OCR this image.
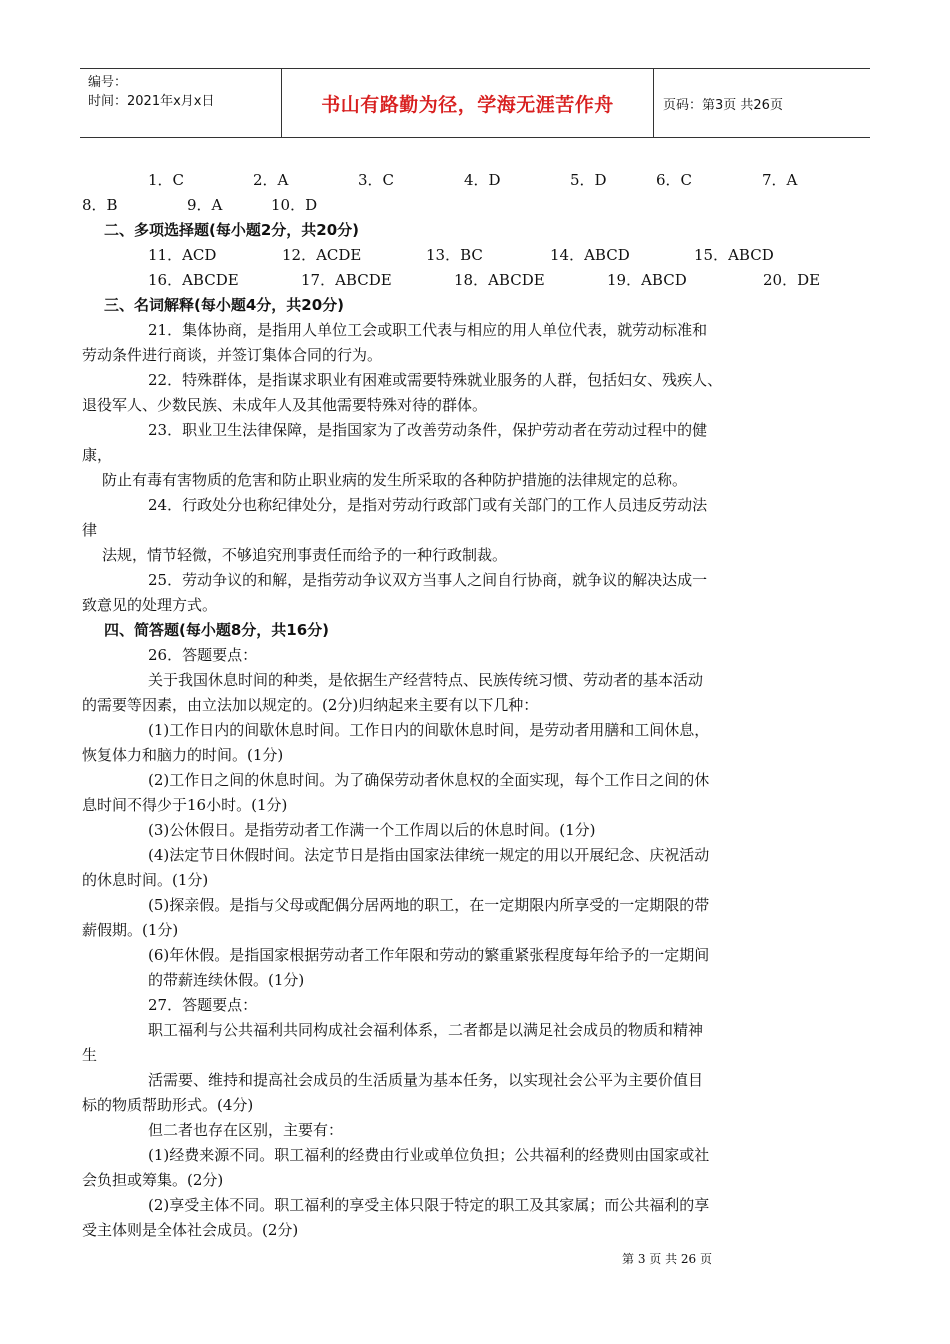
编号：
时间：2021年x月x日	书山有路勤为径，学海无涯苦作舟	页码：第3页 共26页
1．C	2．A	3．C	4．D	5．D	6．C	7．A
8．B	9．A	10．D
二、多项选择题(每小题2分，共20分)
11．ACD	12．ACDE	13．BC	14．ABCD	15．ABCD
16．ABCDE	17．ABCDE	18．ABCDE	19．ABCD	20．DE
三、名词解释(每小题4分，共20分)
21．集体协商，是指用人单位工会或职工代表与相应的用人单位代表，就劳动标准和
劳动条件进行商谈，并签订集体合同的行为。
22．特殊群体，是指谋求职业有困难或需要特殊就业服务的人群，包括妇女、残疾人、
退役军人、少数民族、未成年人及其他需要特殊对待的群体。
23．职业卫生法律保障，是指国家为了改善劳动条件，保护劳动者在劳动过程中的健
康，
防止有毒有害物质的危害和防止职业病的发生所采取的各种防护措施的法律规定的总称。
24．行政处分也称纪律处分，是指对劳动行政部门或有关部门的工作人员违反劳动法
律
法规，情节轻微，不够追究刑事责任而给予的一种行政制裁。
25．劳动争议的和解，是指劳动争议双方当事人之间自行协商，就争议的解决达成一
致意见的处理方式。
四、简答题(每小题8分，共16分)
26．答题要点：
关于我国休息时间的种类，是依据生产经营特点、民族传统习惯、劳动者的基本活动
的需要等因素，由立法加以规定的。(2分)归纳起来主要有以下几种：
(1)工作日内的间歇休息时间。工作日内的间歇休息时间，是劳动者用膳和工间休息，
恢复体力和脑力的时间。(1分)
(2)工作日之间的休息时间。为了确保劳动者休息权的全面实现，每个工作日之间的休
息时间不得少于16小时。(1分)
(3)公休假日。是指劳动者工作满一个工作周以后的休息时间。(1分)
(4)法定节日休假时间。法定节日是指由国家法律统一规定的用以开展纪念、庆祝活动
的休息时间。(1分)
(5)探亲假。是指与父母或配偶分居两地的职工，在一定期限内所享受的一定期限的带
薪假期。(1分)
(6)年休假。是指国家根据劳动者工作年限和劳动的繁重紧张程度每年给予的一定期间
的带薪连续休假。(1分)
27．答题要点：
职工福利与公共福利共同构成社会福利体系，二者都是以满足社会成员的物质和精神
生
活需要、维持和提高社会成员的生活质量为基本任务，以实现社会公平为主要价值目
标的物质帮助形式。(4分)
但二者也存在区别，主要有：
(1)经费来源不同。职工福利的经费由行业或单位负担；公共福利的经费则由国家或社
会负担或筹集。(2分)
(2)享受主体不同。职工福利的享受主体只限于特定的职工及其家属；而公共福利的享
受主体则是全体社会成员。(2分)
第 3 页 共 26 页
